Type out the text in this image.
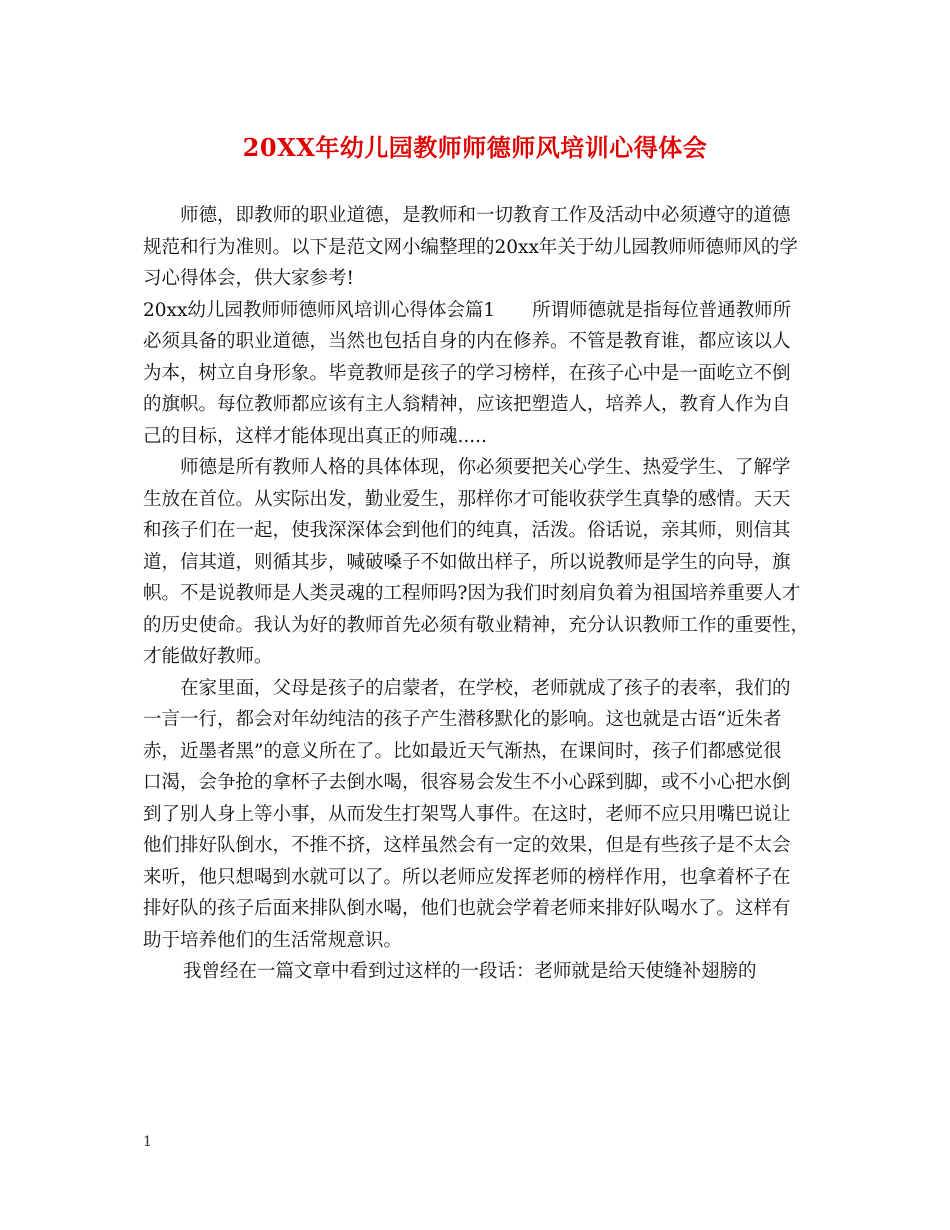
20XX年幼儿园教师师德师风培训心得体会
师德，即教师的职业道德，是教师和一切教育工作及活动中必须遵守的道德
规范和行为准则。以下是范文网小编整理的20xx年关于幼儿园教师师德师风的学
习心得体会，供大家参考!
20xx幼儿园教师师德师风培训心得体会篇1　　所谓师德就是指每位普通教师所
必须具备的职业道德，当然也包括自身的内在修养。不管是教育谁，都应该以人
为本，树立自身形象。毕竟教师是孩子的学习榜样，在孩子心中是一面屹立不倒
的旗帜。每位教师都应该有主人翁精神，应该把塑造人，培养人，教育人作为自
己的目标，这样才能体现出真正的师魂.....
师德是所有教师人格的具体体现，你必须要把关心学生、热爱学生、了解学
生放在首位。从实际出发，勤业爱生，那样你才可能收获学生真挚的感情。天天
和孩子们在一起，使我深深体会到他们的纯真，活泼。俗话说，亲其师，则信其
道，信其道，则循其步，喊破嗓子不如做出样子，所以说教师是学生的向导，旗
帜。不是说教师是人类灵魂的工程师吗?因为我们时刻肩负着为祖国培养重要人才
的历史使命。我认为好的教师首先必须有敬业精神，充分认识教师工作的重要性，
才能做好教师。
在家里面，父母是孩子的启蒙者，在学校，老师就成了孩子的表率，我们的
一言一行，都会对年幼纯洁的孩子产生潜移默化的影响。这也就是古语“近朱者
赤，近墨者黑”的意义所在了。比如最近天气渐热，在课间时，孩子们都感觉很
口渴，会争抢的拿杯子去倒水喝，很容易会发生不小心踩到脚，或不小心把水倒
到了别人身上等小事，从而发生打架骂人事件。在这时，老师不应只用嘴巴说让
他们排好队倒水，不推不挤，这样虽然会有一定的效果，但是有些孩子是不太会
来听，他只想喝到水就可以了。所以老师应发挥老师的榜样作用，也拿着杯子在
排好队的孩子后面来排队倒水喝，他们也就会学着老师来排好队喝水了。这样有
助于培养他们的生活常规意识。
我曾经在一篇文章中看到过这样的一段话：老师就是给天使缝补翅膀的
1
